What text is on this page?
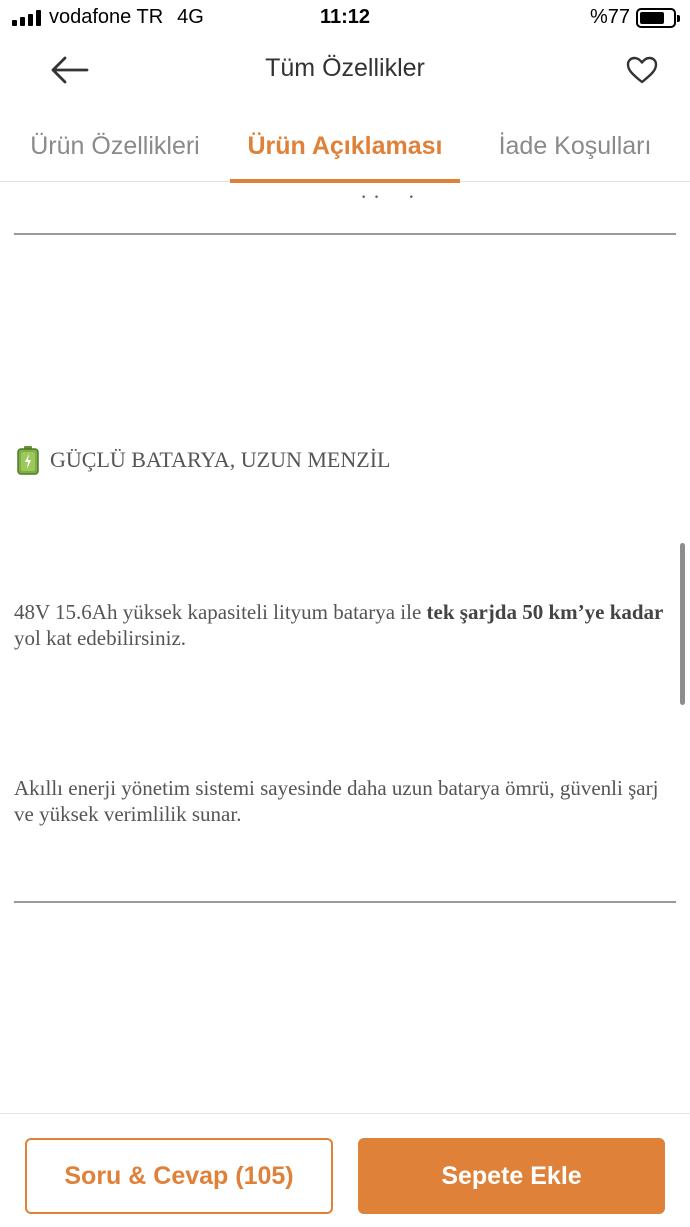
vodafone TR 4G	11:12	%77
Tüm Özellikler
Ürün Özellikleri Ürün Açıklaması İade Koşulları
· ·     ·
GÜÇLÜ BATARYA, UZUN MENZİL

48V 15.6Ah yüksek kapasiteli lityum batarya ile tek şarjda 50 km’ye kadar yol kat edebilirsiniz.

Akıllı enerji yönetim sistemi sayesinde daha uzun batarya ömrü, güvenli şarj ve yüksek verimlilik sunar.

Soru & Cevap (105)	Sepete Ekle
